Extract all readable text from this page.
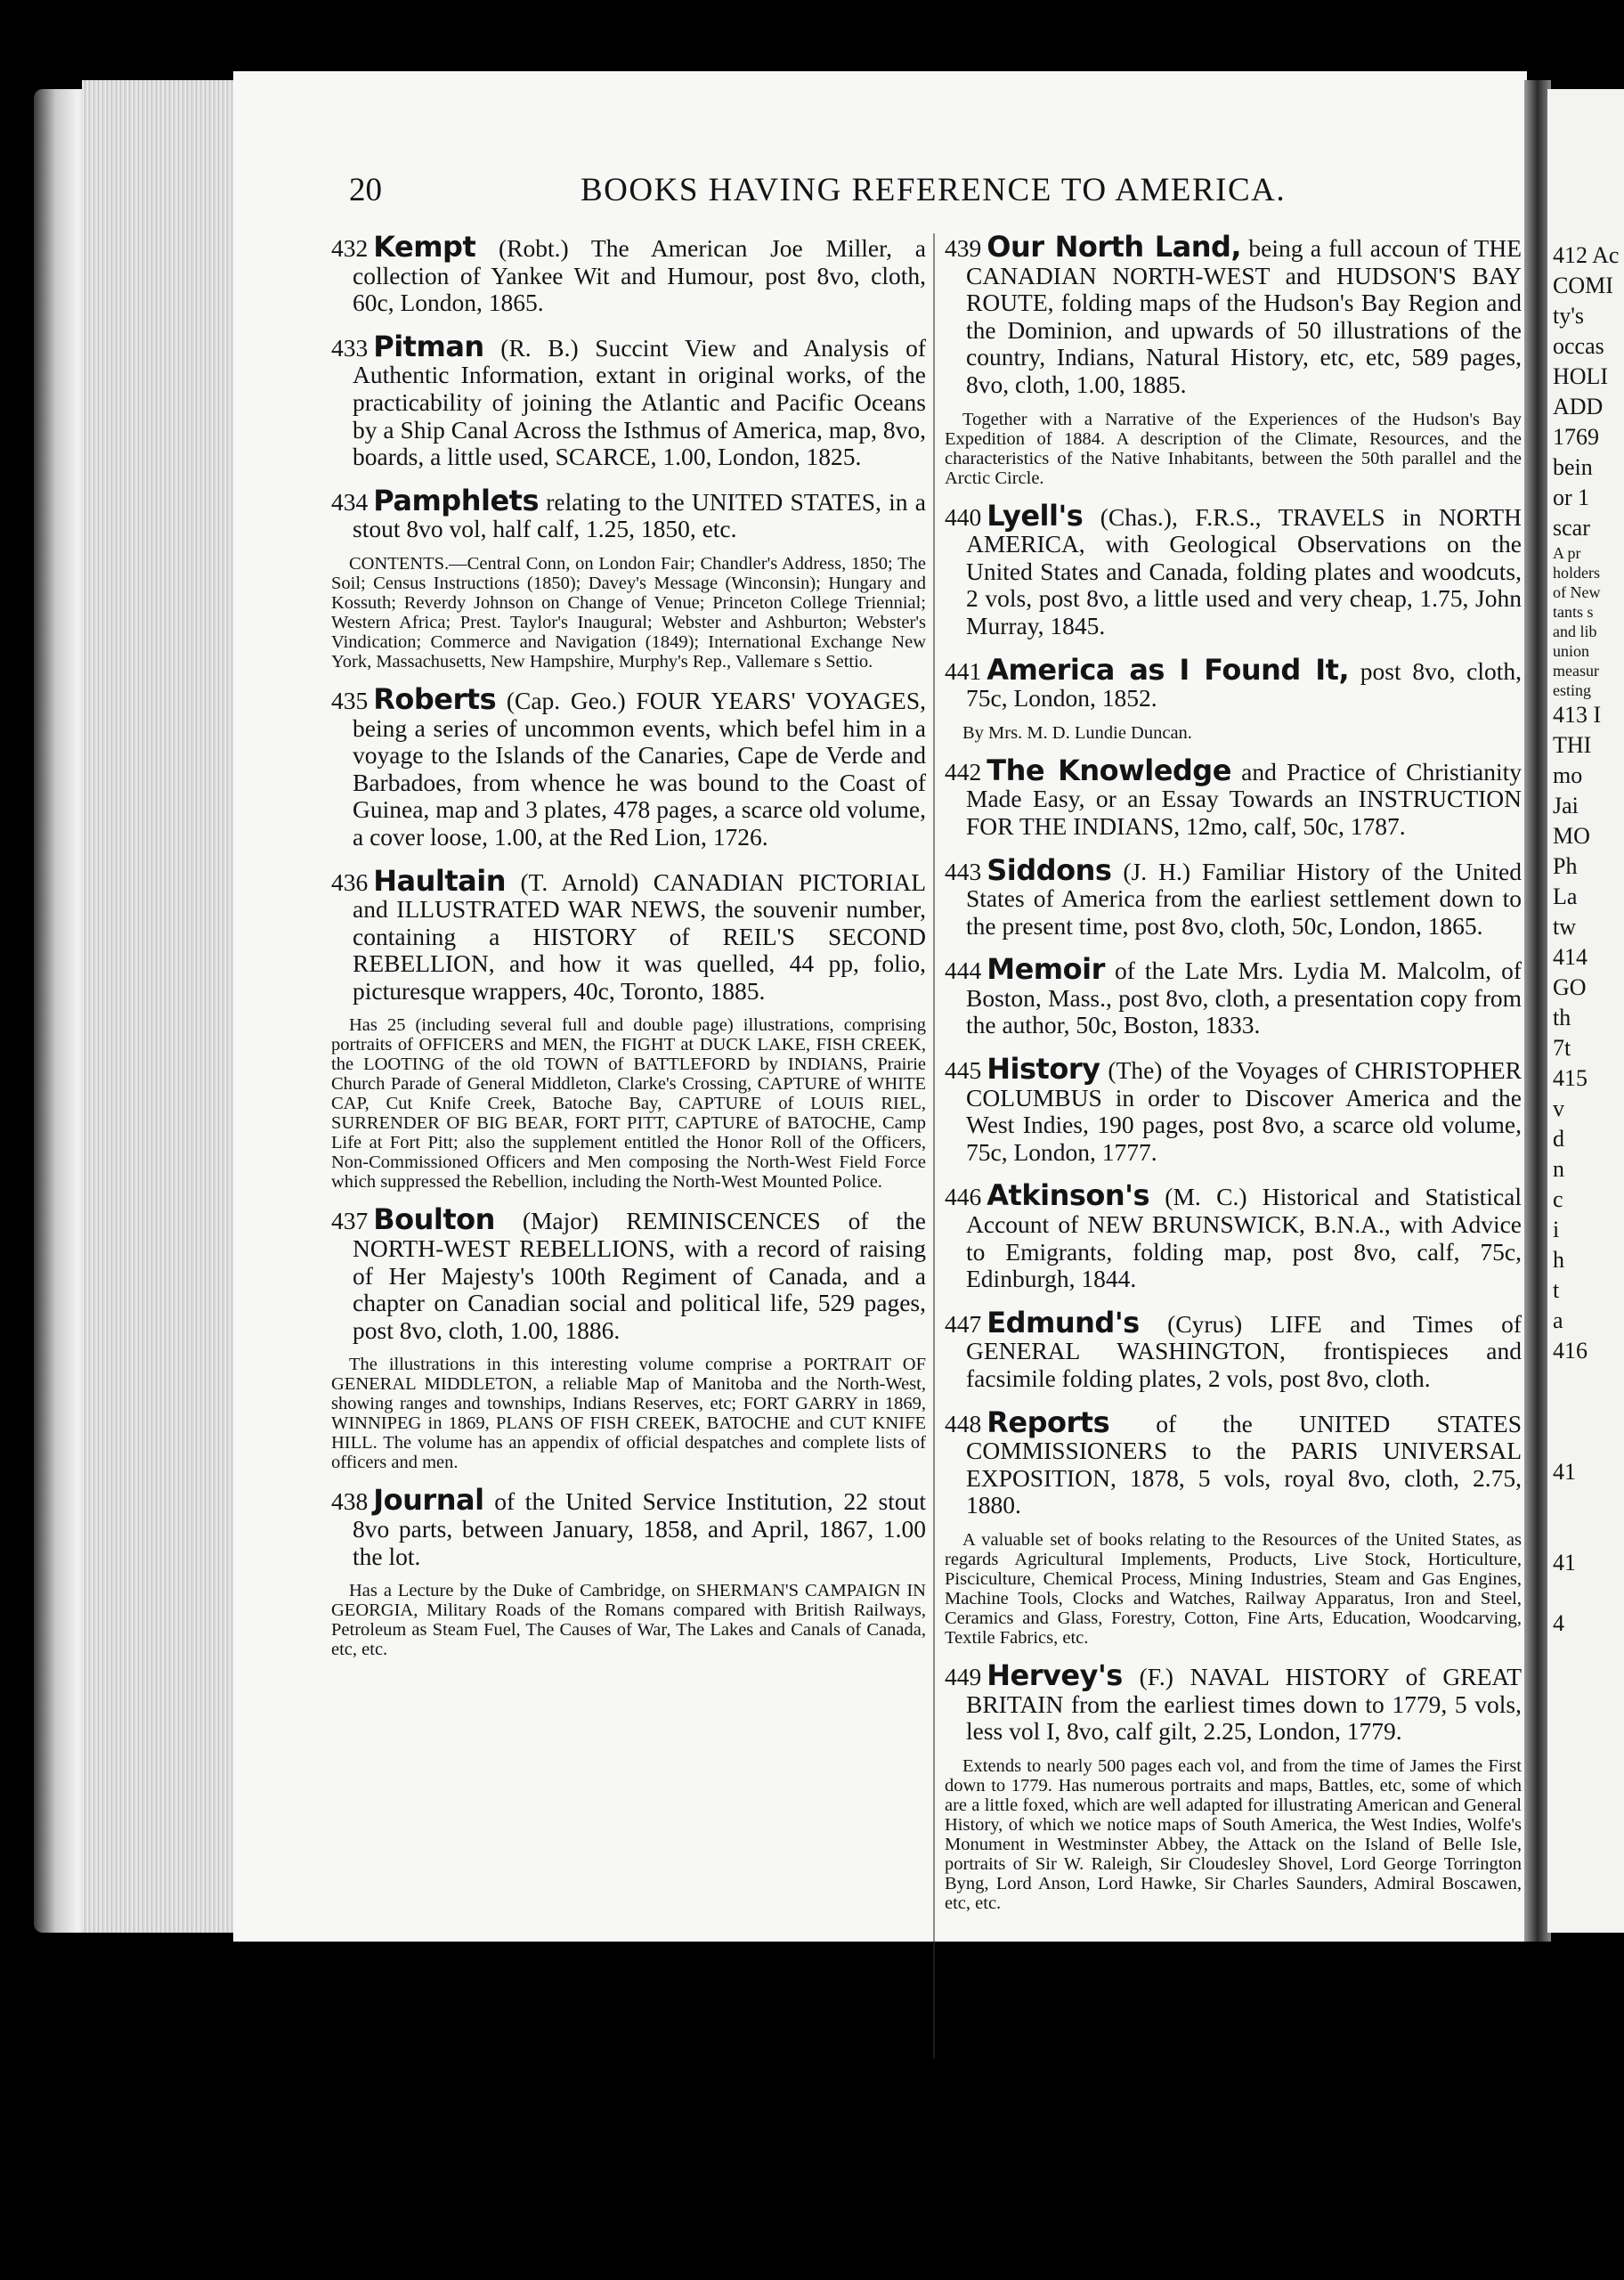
412 Ac
COMI
ty's
occas
HOLI
ADD
1769
bein
or 1
scar
A pr
holders
of New
tants s
and lib
union
measur
esting
413 I
THI
mo
Jai
MO
Ph
La
tw
414
GO
th
7t
415
v
d
n
c
i
h
t
a
416

41

41

4
20	BOOKS HAVING REFERENCE TO AMERICA.
432 Kempt (Robt.) The American Joe Miller, a collection of Yankee Wit and Humour, post 8vo, cloth, 60c, London, 1865.
433 Pitman (R. B.) Succint View and Analysis of Authentic Information, extant in original works, of the practicability of joining the Atlantic and Pacific Oceans by a Ship Canal Across the Isthmus of America, map, 8vo, boards, a little used, SCARCE, 1.00, London, 1825.
434 Pamphlets relating to the UNITED STATES, in a stout 8vo vol, half calf, 1.25, 1850, etc.
CONTENTS.—Central Conn, on London Fair; Chandler's Address, 1850; The Soil; Census Instructions (1850); Davey's Message (Winconsin); Hungary and Kossuth; Reverdy Johnson on Change of Venue; Princeton College Triennial; Western Africa; Prest. Taylor's Inaugural; Webster and Ashburton; Webster's Vindication; Commerce and Navigation (1849); International Exchange New York, Massachusetts, New Hampshire, Murphy's Rep., Vallemare s Settio.
435 Roberts (Cap. Geo.) FOUR YEARS' VOYAGES, being a series of uncommon events, which befel him in a voyage to the Islands of the Canaries, Cape de Verde and Barbadoes, from whence he was bound to the Coast of Guinea, map and 3 plates, 478 pages, a scarce old volume, a cover loose, 1.00, at the Red Lion, 1726.
436 Haultain (T. Arnold) CANADIAN PICTORIAL and ILLUSTRATED WAR NEWS, the souvenir number, containing a HISTORY of REIL'S SECOND REBELLION, and how it was quelled, 44 pp, folio, picturesque wrappers, 40c, Toronto, 1885.
Has 25 (including several full and double page) illustrations, comprising portraits of OFFICERS and MEN, the FIGHT at DUCK LAKE, FISH CREEK, the LOOTING of the old TOWN of BATTLEFORD by INDIANS, Prairie Church Parade of General Middleton, Clarke's Crossing, CAPTURE of WHITE CAP, Cut Knife Creek, Batoche Bay, CAPTURE of LOUIS RIEL, SURRENDER OF BIG BEAR, FORT PITT, CAPTURE of BATOCHE, Camp Life at Fort Pitt; also the supplement entitled the Honor Roll of the Officers, Non-Commissioned Officers and Men composing the North-West Field Force which suppressed the Rebellion, including the North-West Mounted Police.
437 Boulton (Major) REMINISCENCES of the NORTH-WEST REBELLIONS, with a record of raising of Her Majesty's 100th Regiment of Canada, and a chapter on Canadian social and political life, 529 pages, post 8vo, cloth, 1.00, 1886.
The illustrations in this interesting volume comprise a PORTRAIT OF GENERAL MIDDLETON, a reliable Map of Manitoba and the North-West, showing ranges and townships, Indians Reserves, etc; FORT GARRY in 1869, WINNIPEG in 1869, PLANS OF FISH CREEK, BATOCHE and CUT KNIFE HILL. The volume has an appendix of official despatches and complete lists of officers and men.
438 Journal of the United Service Institution, 22 stout 8vo parts, between January, 1858, and April, 1867, 1.00 the lot.
Has a Lecture by the Duke of Cambridge, on SHERMAN'S CAMPAIGN IN GEORGIA, Military Roads of the Romans compared with British Railways, Petroleum as Steam Fuel, The Causes of War, The Lakes and Canals of Canada, etc, etc.
439 Our North Land, being a full accoun of THE CANADIAN NORTH-WEST and HUDSON'S BAY ROUTE, folding maps of the Hudson's Bay Region and the Dominion, and upwards of 50 illustrations of the country, Indians, Natural History, etc, etc, 589 pages, 8vo, cloth, 1.00, 1885.
Together with a Narrative of the Experiences of the Hudson's Bay Expedition of 1884. A description of the Climate, Resources, and the characteristics of the Native Inhabitants, between the 50th parallel and the Arctic Circle.
440 Lyell's (Chas.), F.R.S., TRAVELS in NORTH AMERICA, with Geological Observations on the United States and Canada, folding plates and woodcuts, 2 vols, post 8vo, a little used and very cheap, 1.75, John Murray, 1845.
441 America as I Found It, post 8vo, cloth, 75c, London, 1852.
By Mrs. M. D. Lundie Duncan.
442 The Knowledge and Practice of Christianity Made Easy, or an Essay Towards an INSTRUCTION FOR THE INDIANS, 12mo, calf, 50c, 1787.
443 Siddons (J. H.) Familiar History of the United States of America from the earliest settlement down to the present time, post 8vo, cloth, 50c, London, 1865.
444 Memoir of the Late Mrs. Lydia M. Malcolm, of Boston, Mass., post 8vo, cloth, a presentation copy from the author, 50c, Boston, 1833.
445 History (The) of the Voyages of CHRISTOPHER COLUMBUS in order to Discover America and the West Indies, 190 pages, post 8vo, a scarce old volume, 75c, London, 1777.
446 Atkinson's (M. C.) Historical and Statistical Account of NEW BRUNSWICK, B.N.A., with Advice to Emigrants, folding map, post 8vo, calf, 75c, Edinburgh, 1844.
447 Edmund's (Cyrus) LIFE and Times of GENERAL WASHINGTON, frontispieces and facsimile folding plates, 2 vols, post 8vo, cloth.
448 Reports of the UNITED STATES COMMISSIONERS to the PARIS UNIVERSAL EXPOSITION, 1878, 5 vols, royal 8vo, cloth, 2.75, 1880.
A valuable set of books relating to the Resources of the United States, as regards Agricultural Implements, Products, Live Stock, Horticulture, Pisciculture, Chemical Process, Mining Industries, Steam and Gas Engines, Machine Tools, Clocks and Watches, Railway Apparatus, Iron and Steel, Ceramics and Glass, Forestry, Cotton, Fine Arts, Education, Woodcarving, Textile Fabrics, etc.
449 Hervey's (F.) NAVAL HISTORY of GREAT BRITAIN from the earliest times down to 1779, 5 vols, less vol I, 8vo, calf gilt, 2.25, London, 1779.
Extends to nearly 500 pages each vol, and from the time of James the First down to 1779. Has numerous portraits and maps, Battles, etc, some of which are a little foxed, which are well adapted for illustrating American and General History, of which we notice maps of South America, the West Indies, Wolfe's Monument in Westminster Abbey, the Attack on the Island of Belle Isle, portraits of Sir W. Raleigh, Sir Cloudesley Shovel, Lord George Torrington Byng, Lord Anson, Lord Hawke, Sir Charles Saunders, Admiral Boscawen, etc, etc.
